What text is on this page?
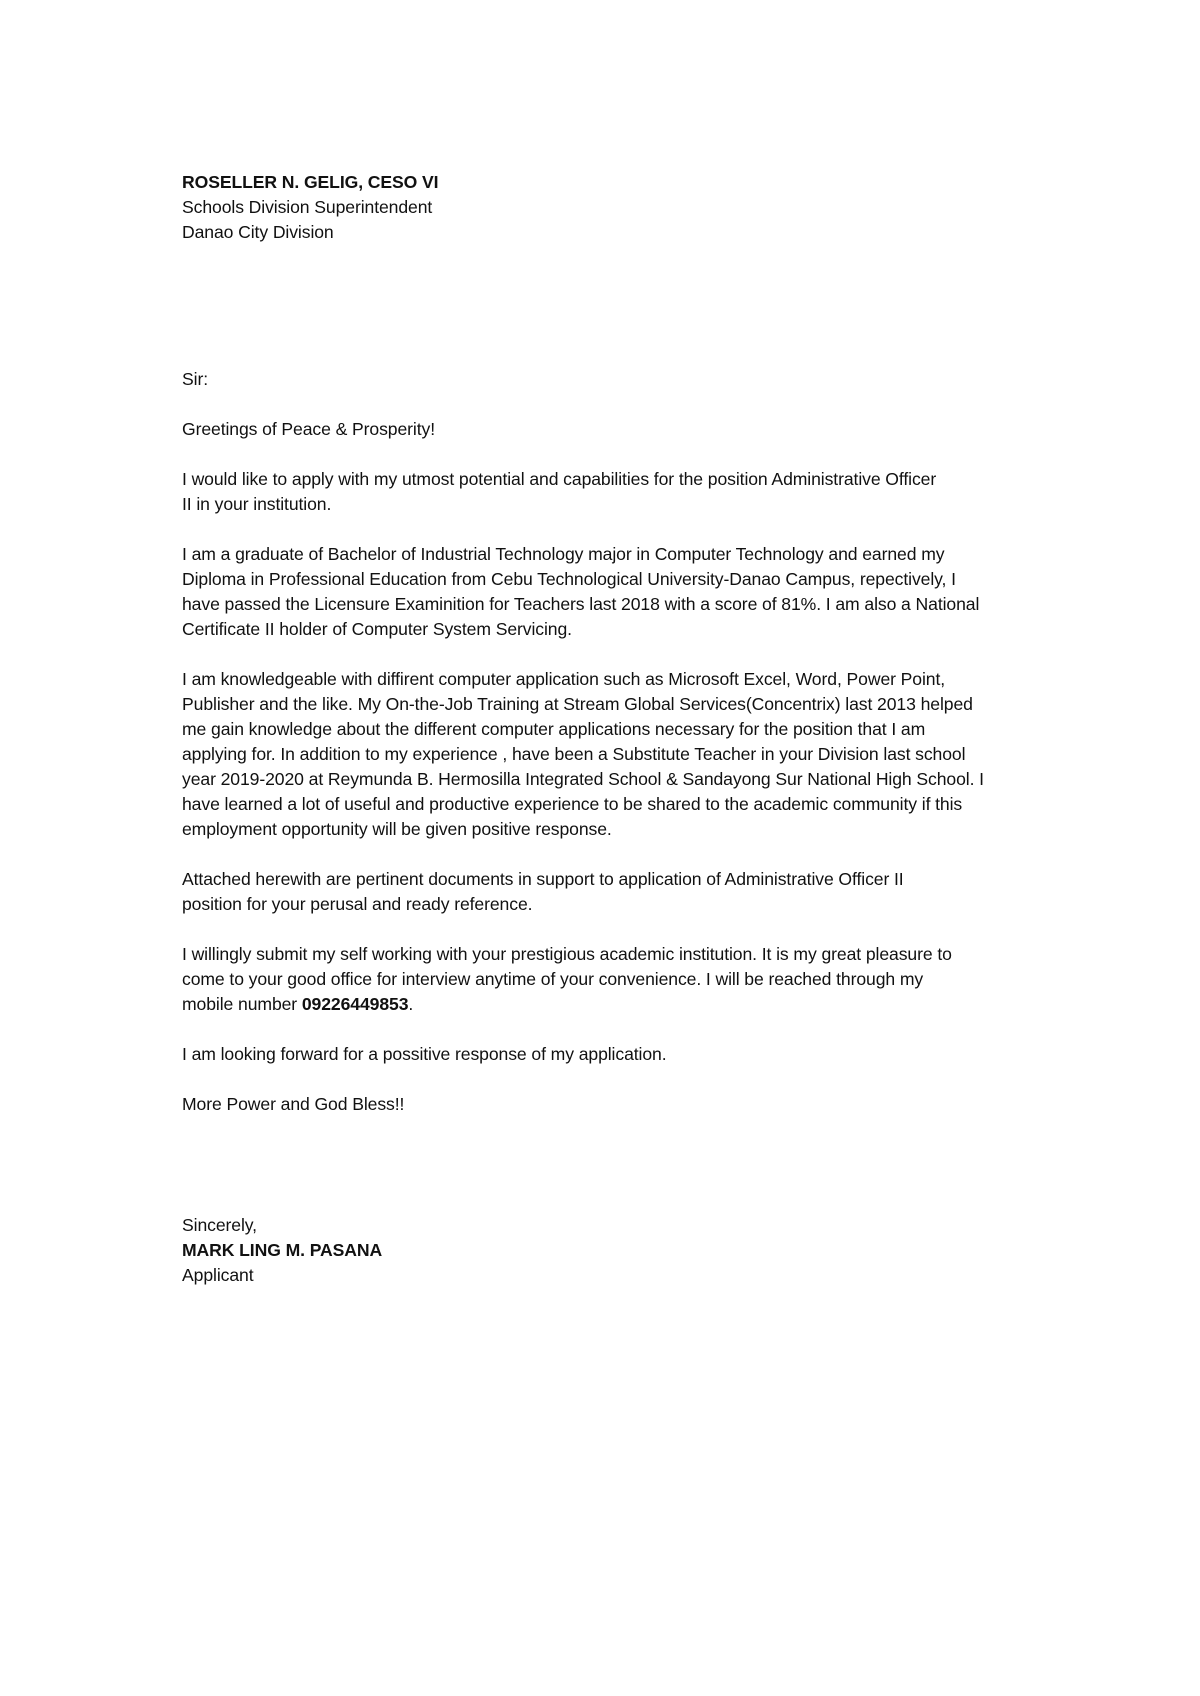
ROSELLER N. GELIG, CESO VI
Schools Division Superintendent
Danao City Division
Sir:
Greetings of Peace & Prosperity!
I would like to apply with my utmost potential and capabilities for the position Administrative Officer
II in your institution.
I am a graduate of Bachelor of Industrial Technology major in Computer Technology and earned my
Diploma in Professional Education from Cebu Technological University-Danao Campus, repectively, I
have passed the Licensure Examinition for Teachers last 2018 with a score of 81%. I am also a National
Certificate II holder of Computer System Servicing.
I am knowledgeable with diffirent computer application such as Microsoft Excel, Word, Power Point,
Publisher and the like. My On-the-Job Training at Stream Global Services(Concentrix) last 2013 helped
me gain knowledge about the different computer applications necessary for the position that I am
applying for. In addition to my experience , have been a Substitute Teacher in your Division last school
year 2019-2020 at Reymunda B. Hermosilla Integrated School & Sandayong Sur National High School. I
have learned a lot of useful and productive experience to be shared to the academic community if this
employment opportunity will be given positive response.
Attached herewith are pertinent documents in support to application of Administrative Officer II
position for your perusal and ready reference.
I willingly submit my self working with your prestigious academic institution. It is my great pleasure to
come to your good office for interview anytime of your convenience. I will be reached through my
mobile number 09226449853.
I am looking forward for a possitive response of my application.
More Power and God Bless!!
Sincerely,
MARK LING M. PASANA
Applicant
